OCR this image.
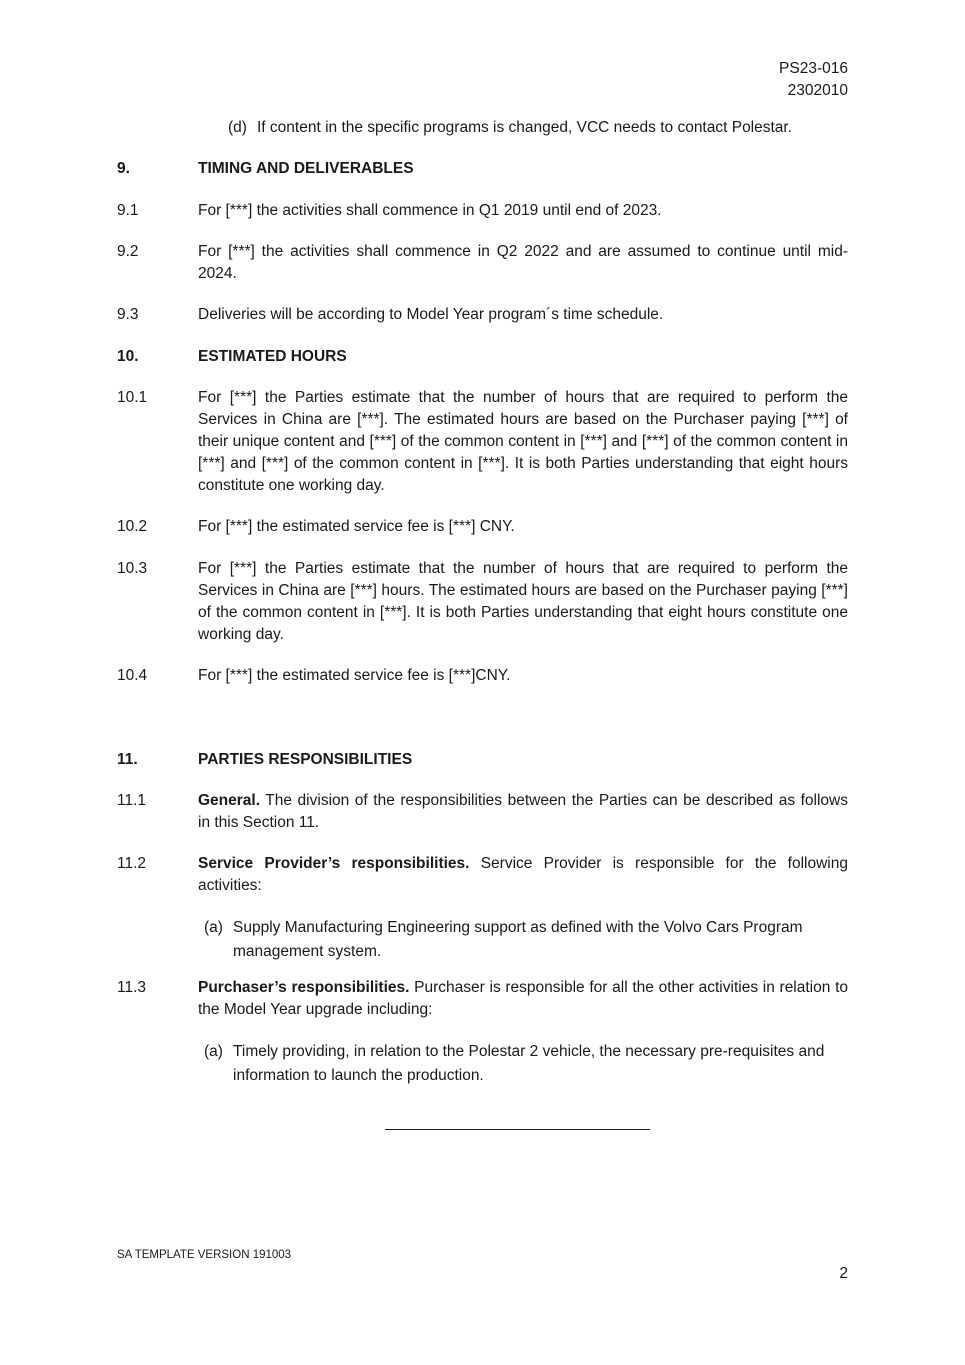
PS23-016
2302010
(d) If content in the specific programs is changed, VCC needs to contact Polestar.
9.	TIMING AND DELIVERABLES
9.1	For [***] the activities shall commence in Q1 2019 until end of 2023.
9.2	For [***] the activities shall commence in Q2 2022 and are assumed to continue until mid-2024.
9.3	Deliveries will be according to Model Year program´s time schedule.
10.	ESTIMATED HOURS
10.1	For [***] the Parties estimate that the number of hours that are required to perform the Services in China are [***]. The estimated hours are based on the Purchaser paying [***] of their unique content and [***] of the common content in [***] and [***] of the common content in [***] and [***] of the common content in [***]. It is both Parties understanding that eight hours constitute one working day.
10.2	For [***] the estimated service fee is [***] CNY.
10.3	For [***] the Parties estimate that the number of hours that are required to perform the Services in China are [***] hours. The estimated hours are based on the Purchaser paying [***] of the common content in [***]. It is both Parties understanding that eight hours constitute one working day.
10.4	For [***] the estimated service fee is [***]CNY.
11.	PARTIES RESPONSIBILITIES
11.1	General. The division of the responsibilities between the Parties can be described as follows in this Section 11.
11.2	Service Provider’s responsibilities. Service Provider is responsible for the following activities:
(a) Supply Manufacturing Engineering support as defined with the Volvo Cars Program management system.
11.3	Purchaser’s responsibilities. Purchaser is responsible for all the other activities in relation to the Model Year upgrade including:
(a) Timely providing, in relation to the Polestar 2 vehicle, the necessary pre-requisites and information to launch the production.
SA TEMPLATE VERSION 191003
2
